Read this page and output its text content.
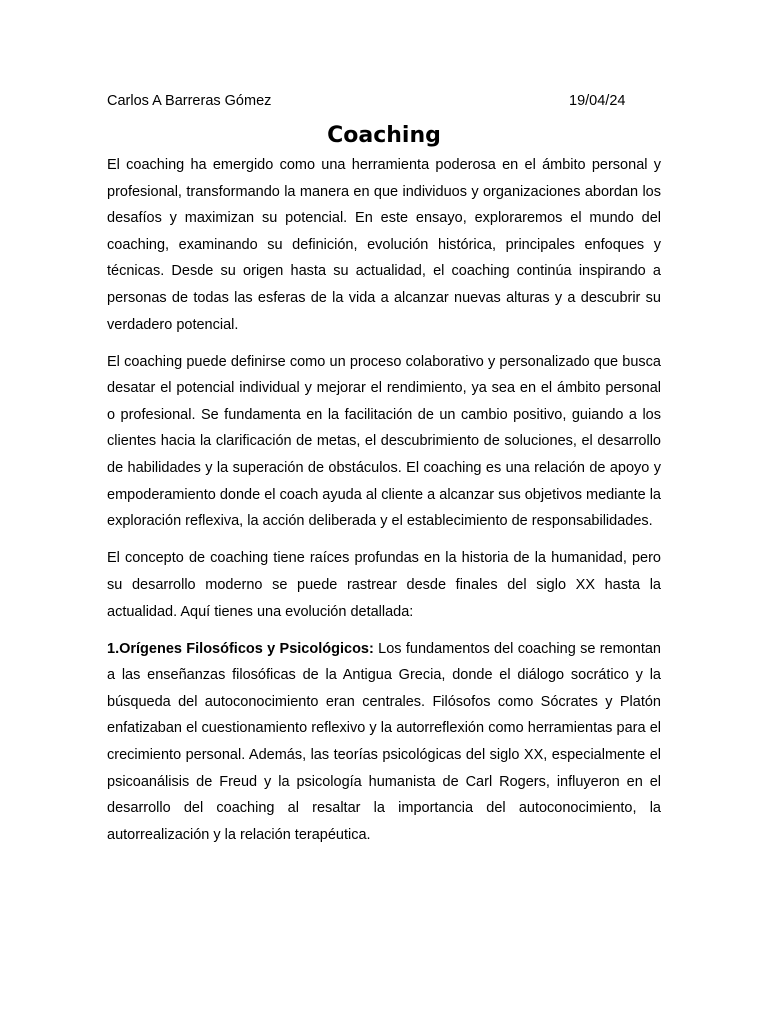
Carlos A Barreras Gómez	19/04/24
Coaching

El coaching ha emergido como una herramienta poderosa en el ámbito personal y profesional, transformando la manera en que individuos y organizaciones abordan los desafíos y maximizan su potencial. En este ensayo, exploraremos el mundo del coaching, examinando su definición, evolución histórica, principales enfoques y técnicas. Desde su origen hasta su actualidad, el coaching continúa inspirando a personas de todas las esferas de la vida a alcanzar nuevas alturas y a descubrir su verdadero potencial.

El coaching puede definirse como un proceso colaborativo y personalizado que busca desatar el potencial individual y mejorar el rendimiento, ya sea en el ámbito personal o profesional. Se fundamenta en la facilitación de un cambio positivo, guiando a los clientes hacia la clarificación de metas, el descubrimiento de soluciones, el desarrollo de habilidades y la superación de obstáculos. El coaching es una relación de apoyo y empoderamiento donde el coach ayuda al cliente a alcanzar sus objetivos mediante la exploración reflexiva, la acción deliberada y el establecimiento de responsabilidades.

El concepto de coaching tiene raíces profundas en la historia de la humanidad, pero su desarrollo moderno se puede rastrear desde finales del siglo XX hasta la actualidad. Aquí tienes una evolución detallada:

1.Orígenes Filosóficos y Psicológicos: Los fundamentos del coaching se remontan a las enseñanzas filosóficas de la Antigua Grecia, donde el diálogo socrático y la búsqueda del autoconocimiento eran centrales. Filósofos como Sócrates y Platón enfatizaban el cuestionamiento reflexivo y la autorreflexión como herramientas para el crecimiento personal. Además, las teorías psicológicas del siglo XX, especialmente el psicoanálisis de Freud y la psicología humanista de Carl Rogers, influyeron en el desarrollo del coaching al resaltar la importancia del autoconocimiento, la autorrealización y la relación terapéutica.
